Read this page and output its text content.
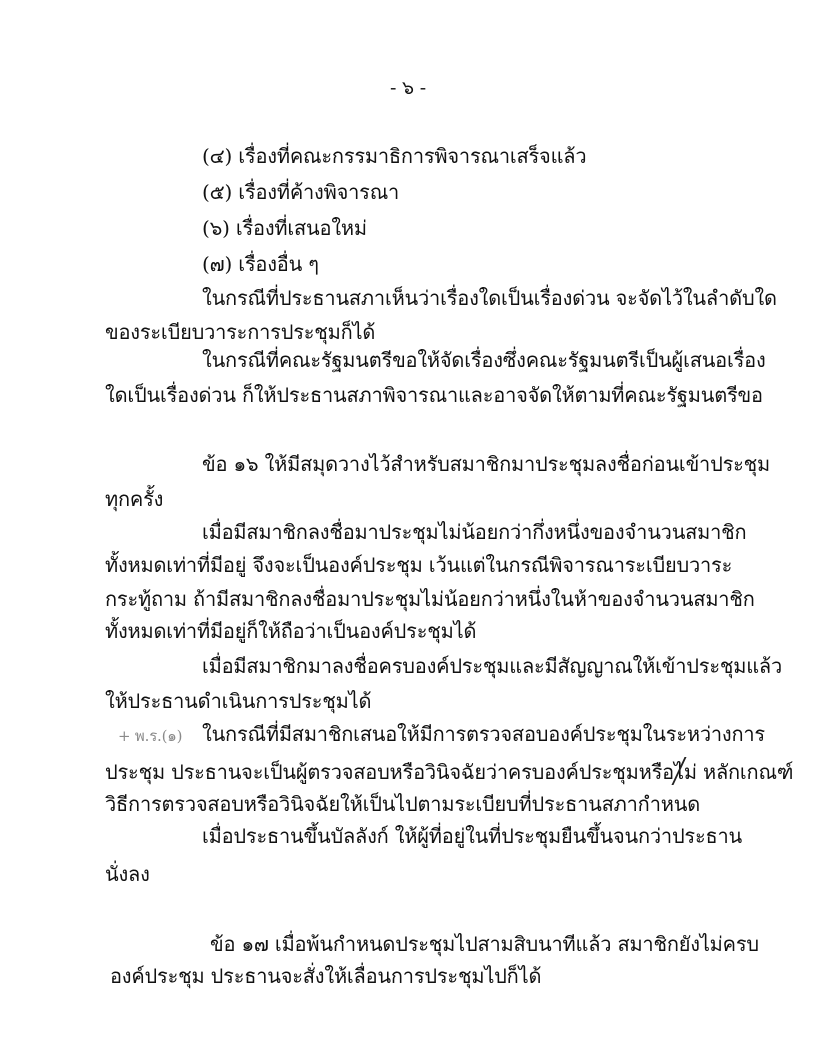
- ๖ -
(๔) เรื่องที่คณะกรรมาธิการพิจารณาเสร็จแล้ว
(๕) เรื่องที่ค้างพิจารณา
(๖) เรื่องที่เสนอใหม่
(๗) เรื่องอื่น ๆ
ในกรณีที่ประธานสภาเห็นว่าเรื่องใดเป็นเรื่องด่วน จะจัดไว้ในลำดับใด
ของระเบียบวาระการประชุมก็ได้
ในกรณีที่คณะรัฐมนตรีขอให้จัดเรื่องซึ่งคณะรัฐมนตรีเป็นผู้เสนอเรื่อง
ใดเป็นเรื่องด่วน ก็ให้ประธานสภาพิจารณาและอาจจัดให้ตามที่คณะรัฐมนตรีขอ
ข้อ ๑๖ ให้มีสมุดวางไว้สำหรับสมาชิกมาประชุมลงชื่อก่อนเข้าประชุม
ทุกครั้ง
เมื่อมีสมาชิกลงชื่อมาประชุมไม่น้อยกว่ากึ่งหนึ่งของจำนวนสมาชิก
ทั้งหมดเท่าที่มีอยู่ จึงจะเป็นองค์ประชุม เว้นแต่ในกรณีพิจารณาระเบียบวาระ
กระทู้ถาม ถ้ามีสมาชิกลงชื่อมาประชุมไม่น้อยกว่าหนึ่งในห้าของจำนวนสมาชิก
ทั้งหมดเท่าที่มีอยู่ก็ให้ถือว่าเป็นองค์ประชุมได้
เมื่อมีสมาชิกมาลงชื่อครบองค์ประชุมและมีสัญญาณให้เข้าประชุมแล้ว
ให้ประธานดำเนินการประชุมได้
+ พ.ร.(๑) ในกรณีที่มีสมาชิกเสนอให้มีการตรวจสอบองค์ประชุมในระหว่างการ
ประชุม ประธานจะเป็นผู้ตรวจสอบหรือวินิจฉัยว่าครบองค์ประชุมหรือไม่ หลักเกณฑ์
วิธีการตรวจสอบหรือวินิจฉัยให้เป็นไปตามระเบียบที่ประธานสภากำหนด
เมื่อประธานขึ้นบัลลังก์ ให้ผู้ที่อยู่ในที่ประชุมยืนขึ้นจนกว่าประธาน
นั่งลง
ข้อ ๑๗ เมื่อพ้นกำหนดประชุมไปสามสิบนาทีแล้ว สมาชิกยังไม่ครบ
องค์ประชุม ประธานจะสั่งให้เลื่อนการประชุมไปก็ได้
